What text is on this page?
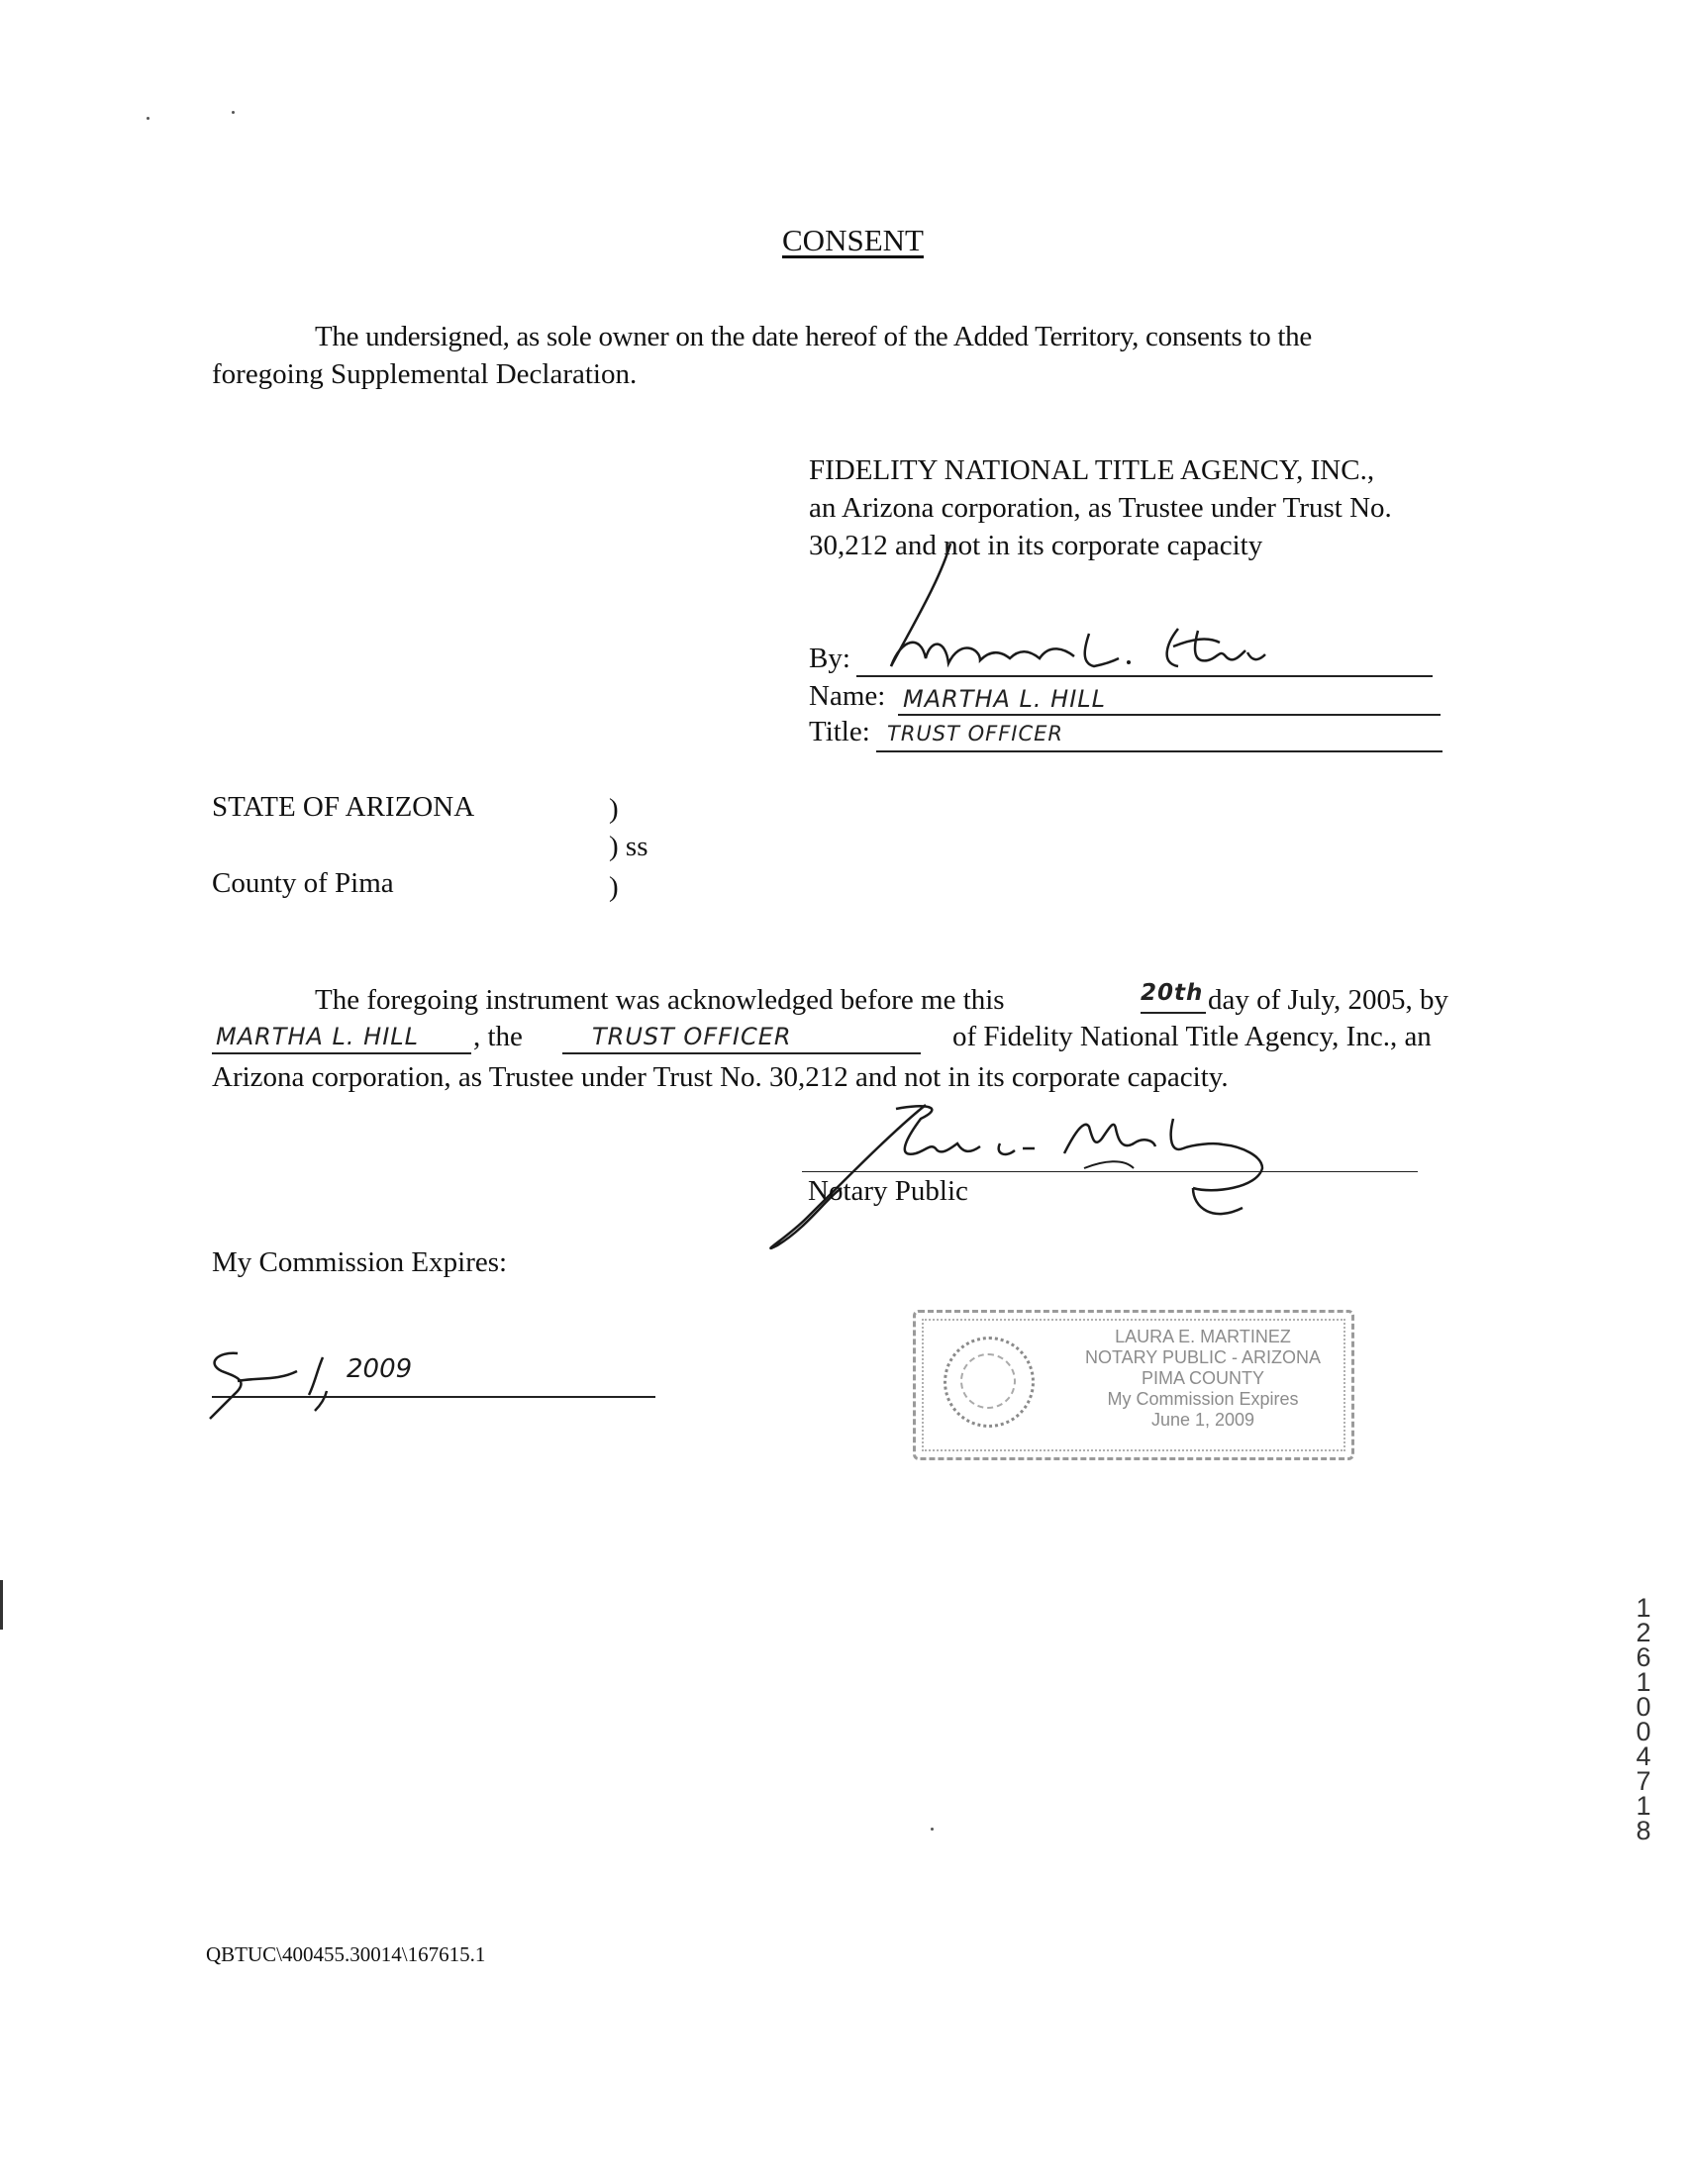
CONSENT
The undersigned, as sole owner on the date hereof of the Added Territory, consents to the
foregoing Supplemental Declaration.
FIDELITY NATIONAL TITLE AGENCY, INC.,
an Arizona corporation, as Trustee under Trust No.
30,212 and not in its corporate capacity
By:
Name: MARTHA L. HILL
Title: TRUST OFFICER
STATE OF ARIZONA	)
) ss
County of Pima	)
The foregoing instrument was acknowledged before me this	20th day of July, 2005, by
MARTHA L. HILL , the	TRUST OFFICER	of Fidelity National Title Agency, Inc., an
Arizona corporation, as Trustee under Trust No. 30,212 and not in its corporate capacity.
Notary Public
My Commission Expires:
2009
LAURA E. MARTINEZ
NOTARY PUBLIC - ARIZONA
PIMA COUNTY
My Commission Expires
June 1, 2009
1
2
6
1
0
0
4
7
1
8
QBTUC\400455.30014\167615.1
